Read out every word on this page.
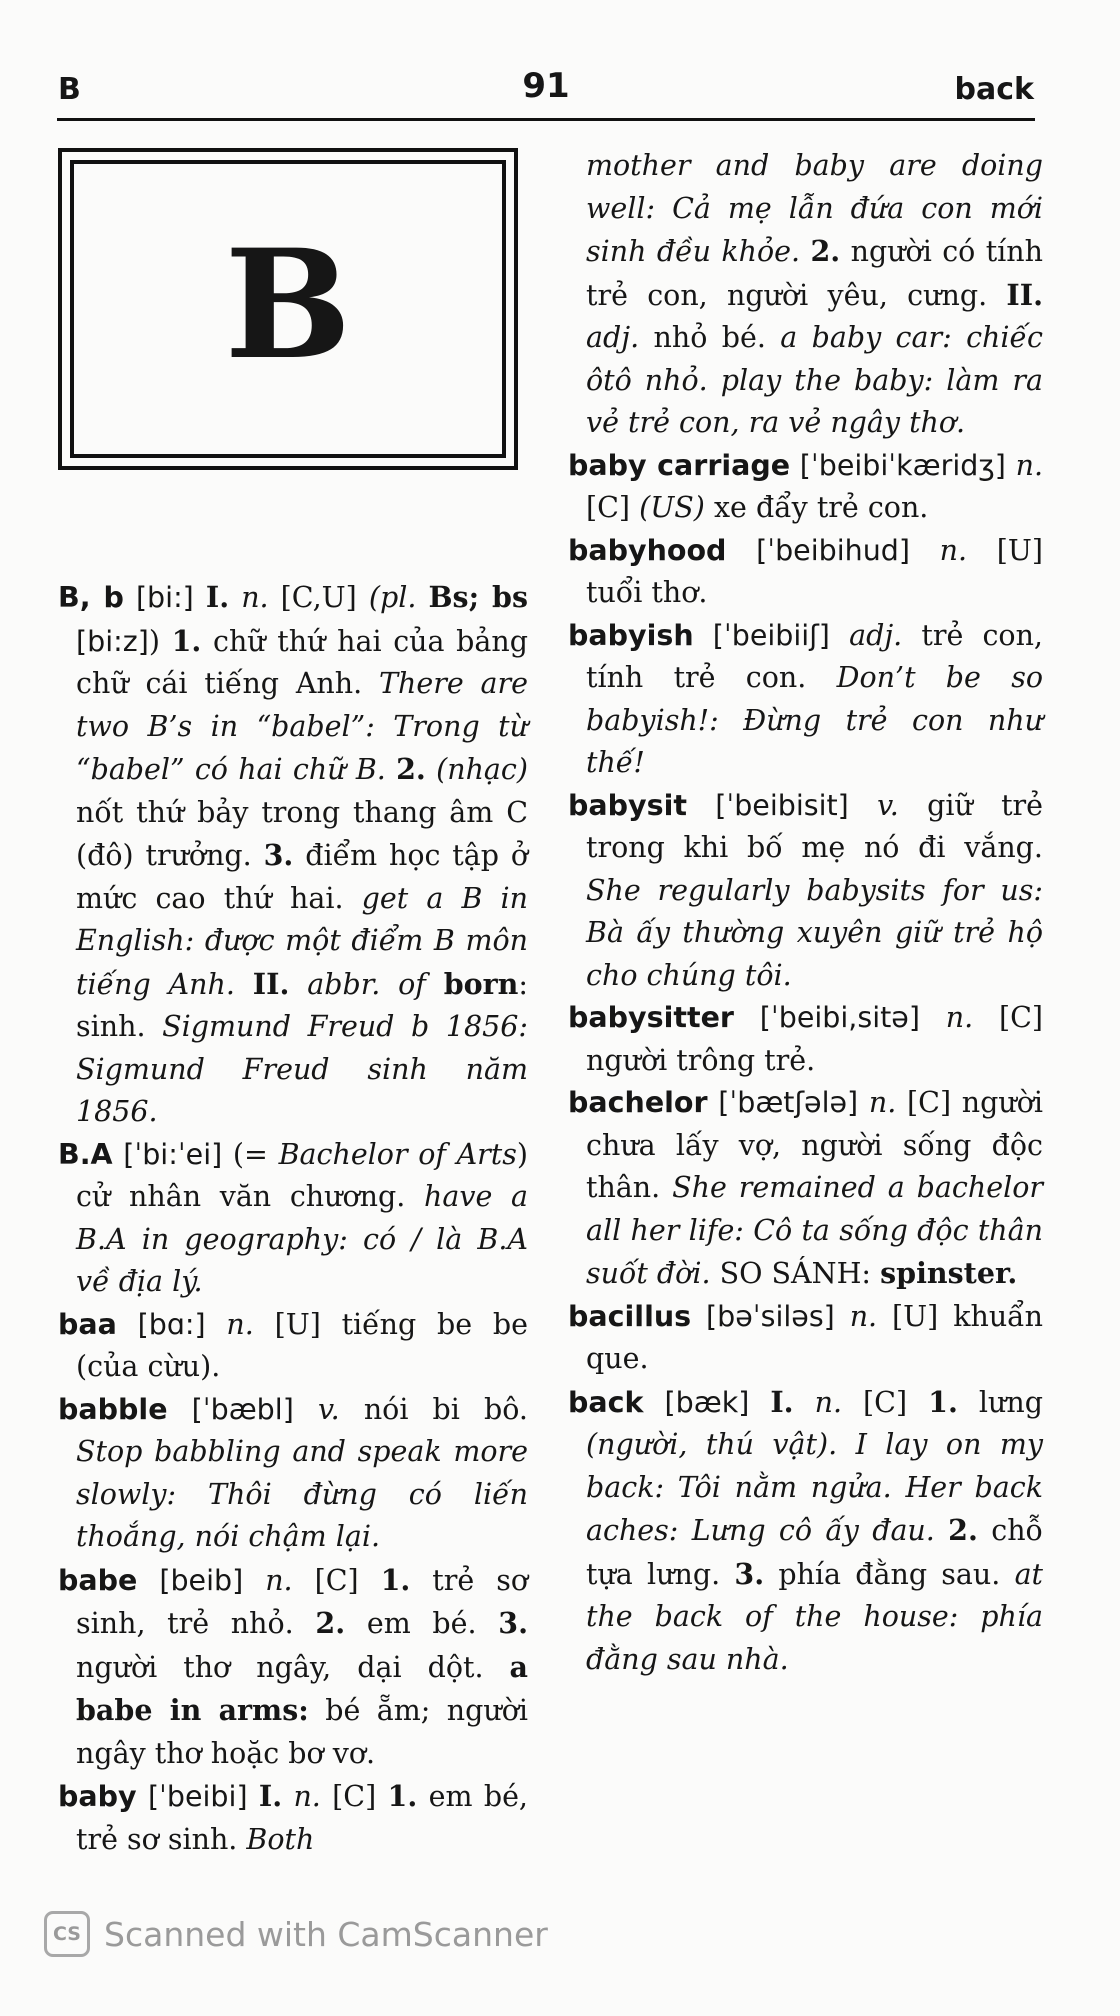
B	91	back
B
B, b [bi:] I. n. [C,U] (pl. Bs; bs [bi:z]) 1. chữ thứ hai của bảng chữ cái tiếng Anh. There are two B’s in “babel”: Trong từ “babel” có hai chữ B. 2. (nhạc) nốt thứ bảy trong thang âm C (đô) trưởng. 3. điểm học tập ở mức cao thứ hai. get a B in English: được một điểm B môn tiếng Anh. II. abbr. of born: sinh. Sigmund Freud b 1856: Sigmund Freud sinh năm 1856.
B.A [ˈbi:ˈei] (= Bachelor of Arts) cử nhân văn chương. have a B.A in geography: có / là B.A về địa lý.
baa [bɑ:] n. [U] tiếng be be (của cừu).
babble [ˈbæbl] v. nói bi bô. Stop babbling and speak more slowly: Thôi đừng có liến thoắng, nói chậm lại.
babe [beib] n. [C] 1. trẻ sơ sinh, trẻ nhỏ. 2. em bé. 3. người thơ ngây, dại dột. a babe in arms: bé ẵm; người ngây thơ hoặc bơ vơ.
baby [ˈbeibi] I. n. [C] 1. em bé, trẻ sơ sinh. Both
mother and baby are doing well: Cả mẹ lẫn đứa con mới sinh đều khỏe. 2. người có tính trẻ con, người yêu, cưng. II. adj. nhỏ bé. a baby car: chiếc ôtô nhỏ. play the baby: làm ra vẻ trẻ con, ra vẻ ngây thơ.
baby carriage [ˈbeibiˈkæridʒ] n. [C] (US) xe đẩy trẻ con.
babyhood [ˈbeibihud] n. [U] tuổi thơ.
babyish [ˈbeibiiʃ] adj. trẻ con, tính trẻ con. Don’t be so babyish!: Đừng trẻ con như thế!
babysit [ˈbeibisit] v. giữ trẻ trong khi bố mẹ nó đi vắng. She regularly babysits for us: Bà ấy thường xuyên giữ trẻ hộ cho chúng tôi.
babysitter [ˈbeibi,sitə] n. [C] người trông trẻ.
bachelor [ˈbætʃələ] n. [C] người chưa lấy vợ, người sống độc thân. She remained a bachelor all her life: Cô ta sống độc thân suốt đời. SO SÁNH: spinster.
bacillus [bəˈsiləs] n. [U] khuẩn que.
back [bæk] I. n. [C] 1. lưng (người, thú vật). I lay on my back: Tôi nằm ngửa. Her back aches: Lưng cô ấy đau. 2. chỗ tựa lưng. 3. phía đằng sau. at the back of the house: phía đằng sau nhà.
CS Scanned with CamScanner
